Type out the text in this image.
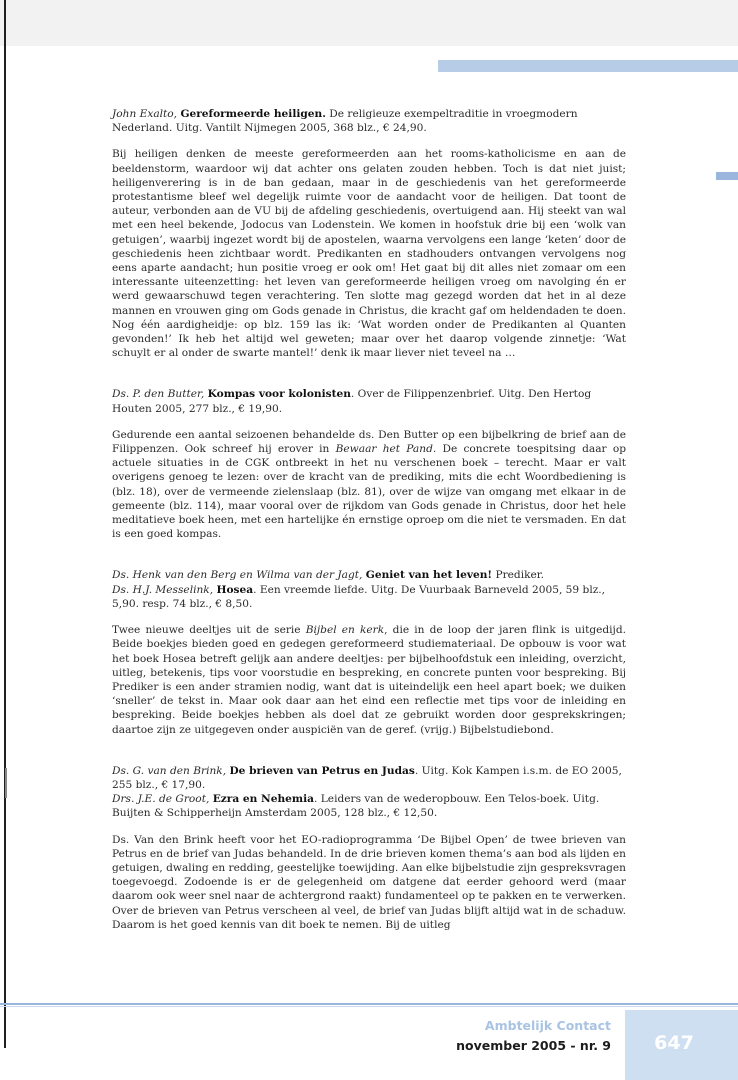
John Exalto, Gereformeerde heiligen. De religieuze exempeltraditie in vroegmodern Nederland. Uitg. Vantilt Nijmegen 2005, 368 blz., € 24,90.

Bij heiligen denken de meeste gereformeerden aan het rooms-katholicisme en aan de beeldenstorm, waardoor wij dat achter ons gelaten zouden hebben. Toch is dat niet juist; heiligenverering is in de ban gedaan, maar in de geschiedenis van het gereformeerde protestantisme bleef wel degelijk ruimte voor de aandacht voor de heiligen. Dat toont de auteur, verbonden aan de VU bij de afdeling geschiedenis, overtuigend aan. Hij steekt van wal met een heel bekende, Jodocus van Lodenstein. We komen in hoofstuk drie bij een ‘wolk van getuigen’, waarbij ingezet wordt bij de apostelen, waarna vervolgens een lange ‘keten’ door de geschiedenis heen zichtbaar wordt. Predikanten en stadhouders ontvangen vervolgens nog eens aparte aandacht; hun positie vroeg er ook om! Het gaat bij dit alles niet zomaar om een interessante uiteenzetting: het leven van gereformeerde heiligen vroeg om navolging én er werd gewaarschuwd tegen verachtering. Ten slotte mag gezegd worden dat het in al deze mannen en vrouwen ging om Gods genade in Christus, die kracht gaf om heldendaden te doen. Nog één aardigheidje: op blz. 159 las ik: ‘Wat worden onder de Predikanten al Quanten gevonden!’ Ik heb het altijd wel geweten; maar over het daarop volgende zinnetje: ‘Wat schuylt er al onder de swarte mantel!’ denk ik maar liever niet teveel na …

Ds. P. den Butter, Kompas voor kolonisten. Over de Filippenzenbrief. Uitg. Den Hertog Houten 2005, 277 blz., € 19,90.

Gedurende een aantal seizoenen behandelde ds. Den Butter op een bijbelkring de brief aan de Filippenzen. Ook schreef hij erover in Bewaar het Pand. De concrete toespitsing daar op actuele situaties in de CGK ontbreekt in het nu verschenen boek – terecht. Maar er valt overigens genoeg te lezen: over de kracht van de prediking, mits die echt Woordbediening is (blz. 18), over de vermeende zielenslaap (blz. 81), over de wijze van omgang met elkaar in de gemeente (blz. 114), maar vooral over de rijkdom van Gods genade in Christus, door het hele meditatieve boek heen, met een hartelijke én ernstige oproep om die niet te versmaden. En dat is een goed kompas.

Ds. Henk van den Berg en Wilma van der Jagt, Geniet van het leven! Prediker.

Ds. H.J. Messelink, Hosea. Een vreemde liefde. Uitg. De Vuurbaak Barneveld 2005, 59 blz., 5,90. resp. 74 blz., € 8,50.

Twee nieuwe deeltjes uit de serie Bijbel en kerk, die in de loop der jaren flink is uitgedijd. Beide boekjes bieden goed en gedegen gereformeerd studiemateriaal. De opbouw is voor wat het boek Hosea betreft gelijk aan andere deeltjes: per bijbelhoofdstuk een inleiding, overzicht, uitleg, betekenis, tips voor voorstudie en bespreking, en concrete punten voor bespreking. Bij Prediker is een ander stramien nodig, want dat is uiteindelijk een heel apart boek; we duiken ‘sneller’ de tekst in. Maar ook daar aan het eind een reflectie met tips voor de inleiding en bespreking. Beide boekjes hebben als doel dat ze gebruikt worden door gesprekskringen; daartoe zijn ze uitgegeven onder auspiciën van de geref. (vrijg.) Bijbelstudiebond.

Ds. G. van den Brink, De brieven van Petrus en Judas. Uitg. Kok Kampen i.s.m. de EO 2005, 255 blz., € 17,90.

Drs. J.E. de Groot, Ezra en Nehemia. Leiders van de wederopbouw. Een Telos-boek. Uitg. Buijten & Schipperheijn Amsterdam 2005, 128 blz., € 12,50.

Ds. Van den Brink heeft voor het EO-radioprogramma ‘De Bijbel Open’ de twee brieven van Petrus en de brief van Judas behandeld. In de drie brieven komen thema’s aan bod als lijden en getuigen, dwaling en redding, geestelijke toewijding. Aan elke bijbelstudie zijn gespreksvragen toegevoegd. Zodoende is er de gelegenheid om datgene dat eerder gehoord werd (maar daarom ook weer snel naar de achtergrond raakt) fundamenteel op te pakken en te verwerken. Over de brieven van Petrus verscheen al veel, de brief van Judas blijft altijd wat in de schaduw. Daarom is het goed kennis van dit boek te nemen. Bij de uitleg

Ambtelijk Contact
november 2005 - nr. 9	647
